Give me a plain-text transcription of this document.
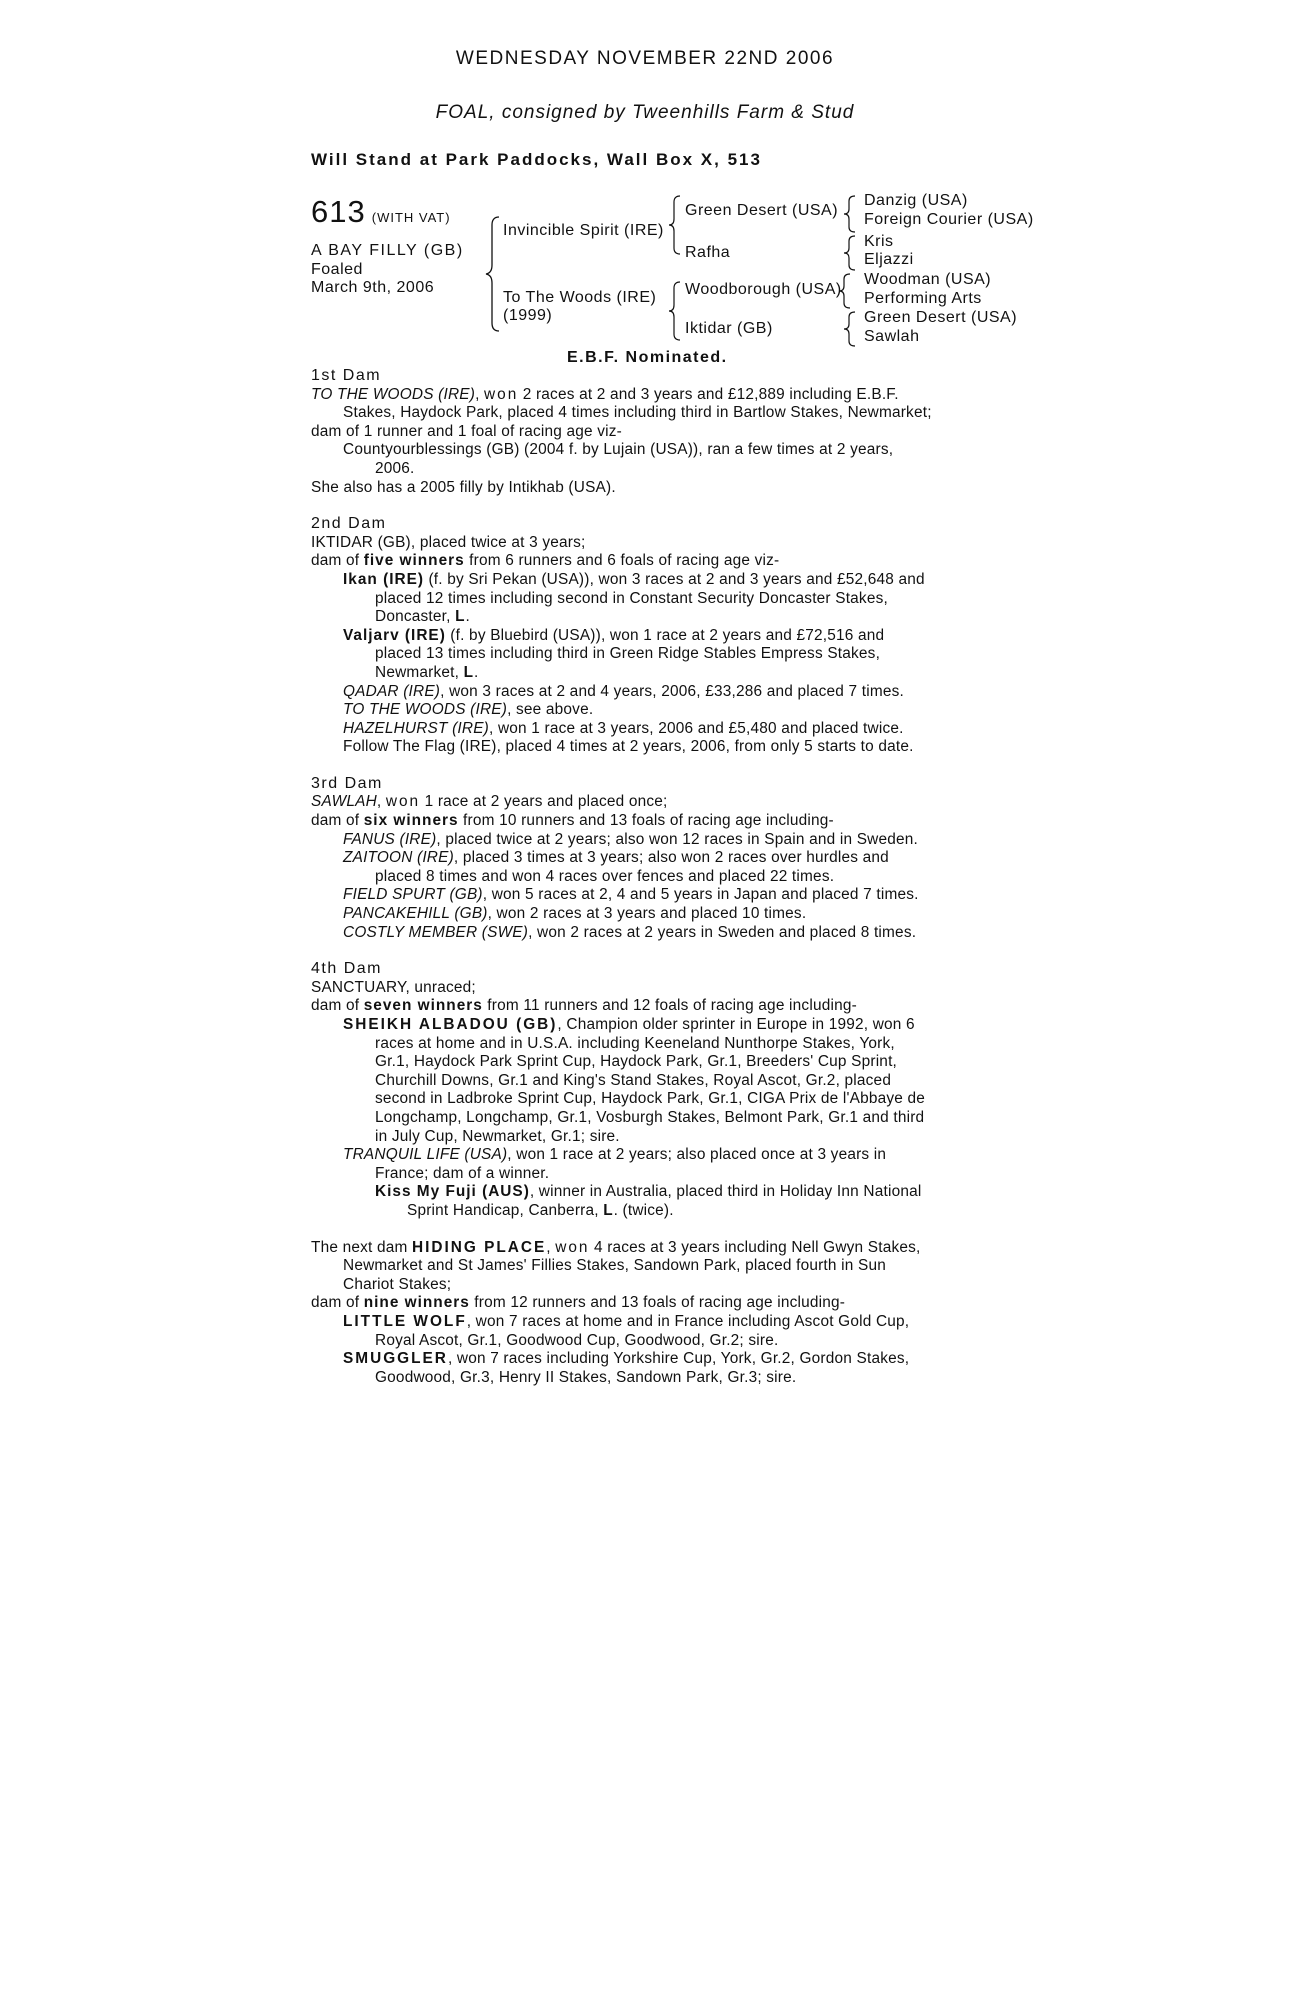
WEDNESDAY NOVEMBER 22ND 2006
FOAL, consigned by Tweenhills Farm & Stud
Will Stand at Park Paddocks, Wall Box X, 513
613 (WITH VAT)
A BAY FILLY (GB)
Foaled
March 9th, 2006
Invincible Spirit (IRE)
To The Woods (IRE)
(1999)
Green Desert (USA)
Rafha
Woodborough (USA)
Iktidar (GB)
Danzig (USA)
Foreign Courier (USA)
Kris
Eljazzi
Woodman (USA)
Performing Arts
Green Desert (USA)
Sawlah
E.B.F. Nominated.
1st Dam
TO THE WOODS (IRE), won 2 races at 2 and 3 years and £12,889 including E.B.F.
Stakes, Haydock Park, placed 4 times including third in Bartlow Stakes, Newmarket;
dam of 1 runner and 1 foal of racing age viz-
Countyourblessings (GB) (2004 f. by Lujain (USA)), ran a few times at 2 years,
2006.
She also has a 2005 filly by Intikhab (USA).
2nd Dam
IKTIDAR (GB), placed twice at 3 years;
dam of five winners from 6 runners and 6 foals of racing age viz-
Ikan (IRE) (f. by Sri Pekan (USA)), won 3 races at 2 and 3 years and £52,648 and
placed 12 times including second in Constant Security Doncaster Stakes,
Doncaster, L.
Valjarv (IRE) (f. by Bluebird (USA)), won 1 race at 2 years and £72,516 and
placed 13 times including third in Green Ridge Stables Empress Stakes,
Newmarket, L.
QADAR (IRE), won 3 races at 2 and 4 years, 2006, £33,286 and placed 7 times.
TO THE WOODS (IRE), see above.
HAZELHURST (IRE), won 1 race at 3 years, 2006 and £5,480 and placed twice.
Follow The Flag (IRE), placed 4 times at 2 years, 2006, from only 5 starts to date.
3rd Dam
SAWLAH, won 1 race at 2 years and placed once;
dam of six winners from 10 runners and 13 foals of racing age including-
FANUS (IRE), placed twice at 2 years; also won 12 races in Spain and in Sweden.
ZAITOON (IRE), placed 3 times at 3 years; also won 2 races over hurdles and
placed 8 times and won 4 races over fences and placed 22 times.
FIELD SPURT (GB), won 5 races at 2, 4 and 5 years in Japan and placed 7 times.
PANCAKEHILL (GB), won 2 races at 3 years and placed 10 times.
COSTLY MEMBER (SWE), won 2 races at 2 years in Sweden and placed 8 times.
4th Dam
SANCTUARY, unraced;
dam of seven winners from 11 runners and 12 foals of racing age including-
SHEIKH ALBADOU (GB), Champion older sprinter in Europe in 1992, won 6
races at home and in U.S.A. including Keeneland Nunthorpe Stakes, York,
Gr.1, Haydock Park Sprint Cup, Haydock Park, Gr.1, Breeders' Cup Sprint,
Churchill Downs, Gr.1 and King's Stand Stakes, Royal Ascot, Gr.2, placed
second in Ladbroke Sprint Cup, Haydock Park, Gr.1, CIGA Prix de l'Abbaye de
Longchamp, Longchamp, Gr.1, Vosburgh Stakes, Belmont Park, Gr.1 and third
in July Cup, Newmarket, Gr.1; sire.
TRANQUIL LIFE (USA), won 1 race at 2 years; also placed once at 3 years in
France; dam of a winner.
Kiss My Fuji (AUS), winner in Australia, placed third in Holiday Inn National
Sprint Handicap, Canberra, L. (twice).
The next dam HIDING PLACE, won 4 races at 3 years including Nell Gwyn Stakes,
Newmarket and St James' Fillies Stakes, Sandown Park, placed fourth in Sun
Chariot Stakes;
dam of nine winners from 12 runners and 13 foals of racing age including-
LITTLE WOLF, won 7 races at home and in France including Ascot Gold Cup,
Royal Ascot, Gr.1, Goodwood Cup, Goodwood, Gr.2; sire.
SMUGGLER, won 7 races including Yorkshire Cup, York, Gr.2, Gordon Stakes,
Goodwood, Gr.3, Henry II Stakes, Sandown Park, Gr.3; sire.
